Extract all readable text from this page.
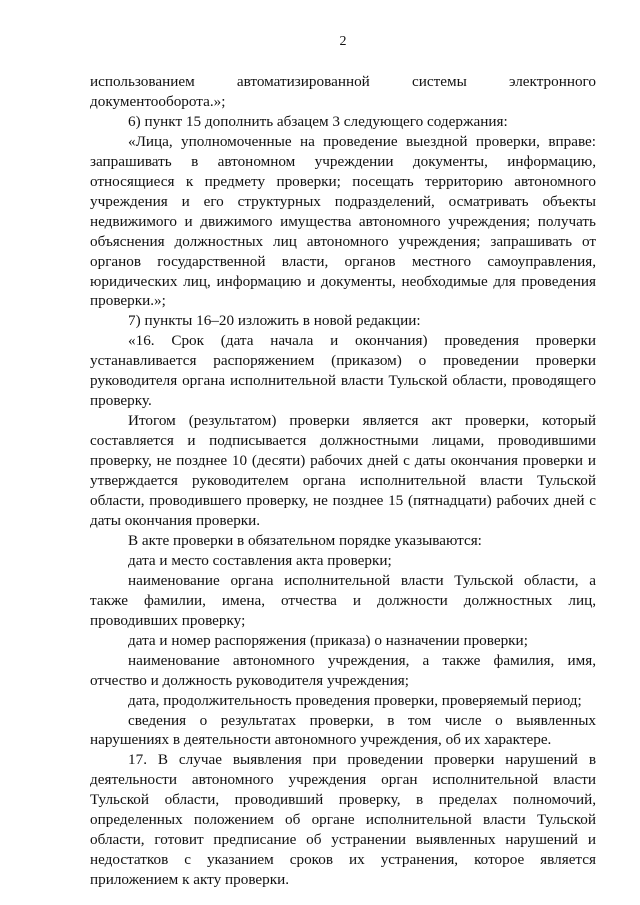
2

использованием автоматизированной системы электронного

документооборота.»;

6) пункт 15 дополнить абзацем 3 следующего содержания:

«Лица, уполномоченные на проведение выездной проверки, вправе: запрашивать в автономном учреждении документы, информацию, относящиеся к предмету проверки; посещать территорию автономного учреждения и его структурных подразделений, осматривать объекты недвижимого и движимого имущества автономного учреждения; получать объяснения должностных лиц автономного учреждения; запрашивать от органов государственной власти, органов местного самоуправления, юридических лиц, информацию и документы, необходимые для проведения проверки.»;

7) пункты 16–20 изложить в новой редакции:

«16. Срок (дата начала и окончания) проведения проверки устанавливается распоряжением (приказом) о проведении проверки руководителя органа исполнительной власти Тульской области, проводящего проверку.

Итогом (результатом) проверки является акт проверки, который составляется и подписывается должностными лицами, проводившими проверку, не позднее 10 (десяти) рабочих дней с даты окончания проверки и утверждается руководителем органа исполнительной власти Тульской области, проводившего проверку, не позднее 15 (пятнадцати) рабочих дней с даты окончания проверки.

В акте проверки в обязательном порядке указываются:

дата и место составления акта проверки;

наименование органа исполнительной власти Тульской области, а также фамилии, имена, отчества и должности должностных лиц, проводивших проверку;

дата и номер распоряжения (приказа) о назначении проверки;

наименование автономного учреждения, а также фамилия, имя, отчество и должность руководителя учреждения;

дата, продолжительность проведения проверки, проверяемый период;

сведения о результатах проверки, в том числе о выявленных нарушениях в деятельности автономного учреждения, об их характере.

17. В случае выявления при проведении проверки нарушений в деятельности автономного учреждения орган исполнительной власти Тульской области, проводивший проверку, в пределах полномочий, определенных положением об органе исполнительной власти Тульской области, готовит предписание об устранении выявленных нарушений и недостатков с указанием сроков их устранения, которое является приложением к акту проверки.
